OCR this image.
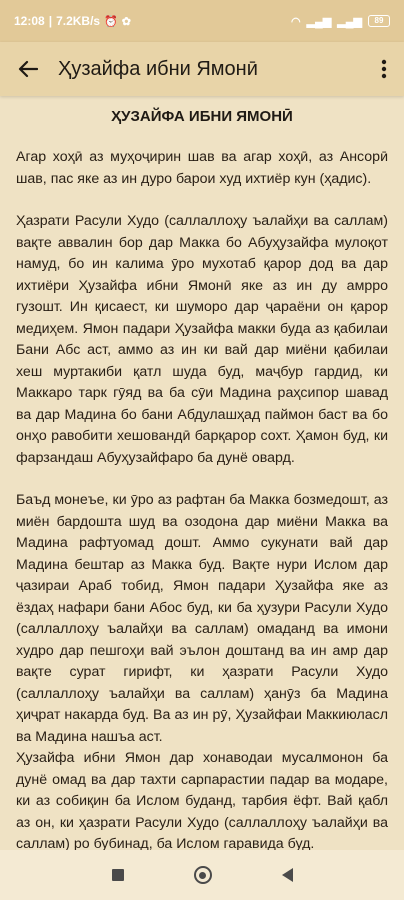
12:08 | 7.2KB/s ⏰ ✿	◠ ▂▄▆ ▂▄▆	89
Ҳузайфа ибни Ямонӣ
ҲУЗАЙФА ИБНИ ЯМОНӢ

Агар хоҳӣ аз муҳоҷирин шав ва агар хоҳӣ, аз Ансорӣ шав, пас яке аз ин дуро барои худ ихтиёр кун (ҳадис).

Ҳазрати Расули Худо (саллаллоҳу ъалайҳи ва саллам) вақте аввалин бор дар Макка бо Абуҳузайфа мулоқот намуд, бо ин калима ӯро мухотаб қарор дод ва дар ихтиёри Ҳузайфа ибни Ямонӣ яке аз ин ду амрро гузошт. Ин қисаест, ки шуморо дар ҷараёни он қарор медиҳем. Ямон падари Ҳузайфа макки буда аз қабилаи Бани Абс аст, аммо аз ин ки вай дар миёни қабилаи хеш муртакиби қатл шуда буд, маҷбур гардид, ки Маккаро тарк гӯяд ва ба сӯи Мадина раҳсипор шавад ва дар Мадина бо бани Абдулашҳад паймон баст ва бо онҳо равобити хешовандӣ барқарор сохт. Ҳамон буд, ки фарзандаш Абуҳузайфаро ба дунё овард.

Баъд монеъе, ки ӯро аз рафтан ба Макка бозмедошт, аз миён бардошта шуд ва озодона дар миёни Макка ва Мадина рафтуомад дошт. Аммо сукунати вай дар Мадина бештар аз Макка буд. Вақте нури Ислом дар ҷазираи Араб тобид, Ямон падари Ҳузайфа яке аз ёздаҳ нафари бани Абос буд, ки ба ҳузури Расули Худо (саллаллоҳу ъалайҳи ва саллам) омаданд ва имони худро дар пешгоҳи вай эълон доштанд ва ин амр дар вақте сурат гирифт, ки ҳазрати Расули Худо (саллаллоҳу ъалайҳи ва саллам) ҳанӯз ба Мадина ҳиҷрат накарда буд. Ва аз ин рӯ, Ҳузайфаи Маккиюласл ва Мадина нашъа аст.

Ҳузайфа ибни Ямон дар хонаводаи мусалмонон ба дунё омад ва дар тахти сарпарастии падар ва модаре, ки аз собиқин ба Ислом буданд, тарбия ёфт. Вай қабл аз он, ки ҳазрати Расули Худо (саллаллоҳу ъалайҳи ва саллам) ро бубинад, ба Ислом гаравида буд.
